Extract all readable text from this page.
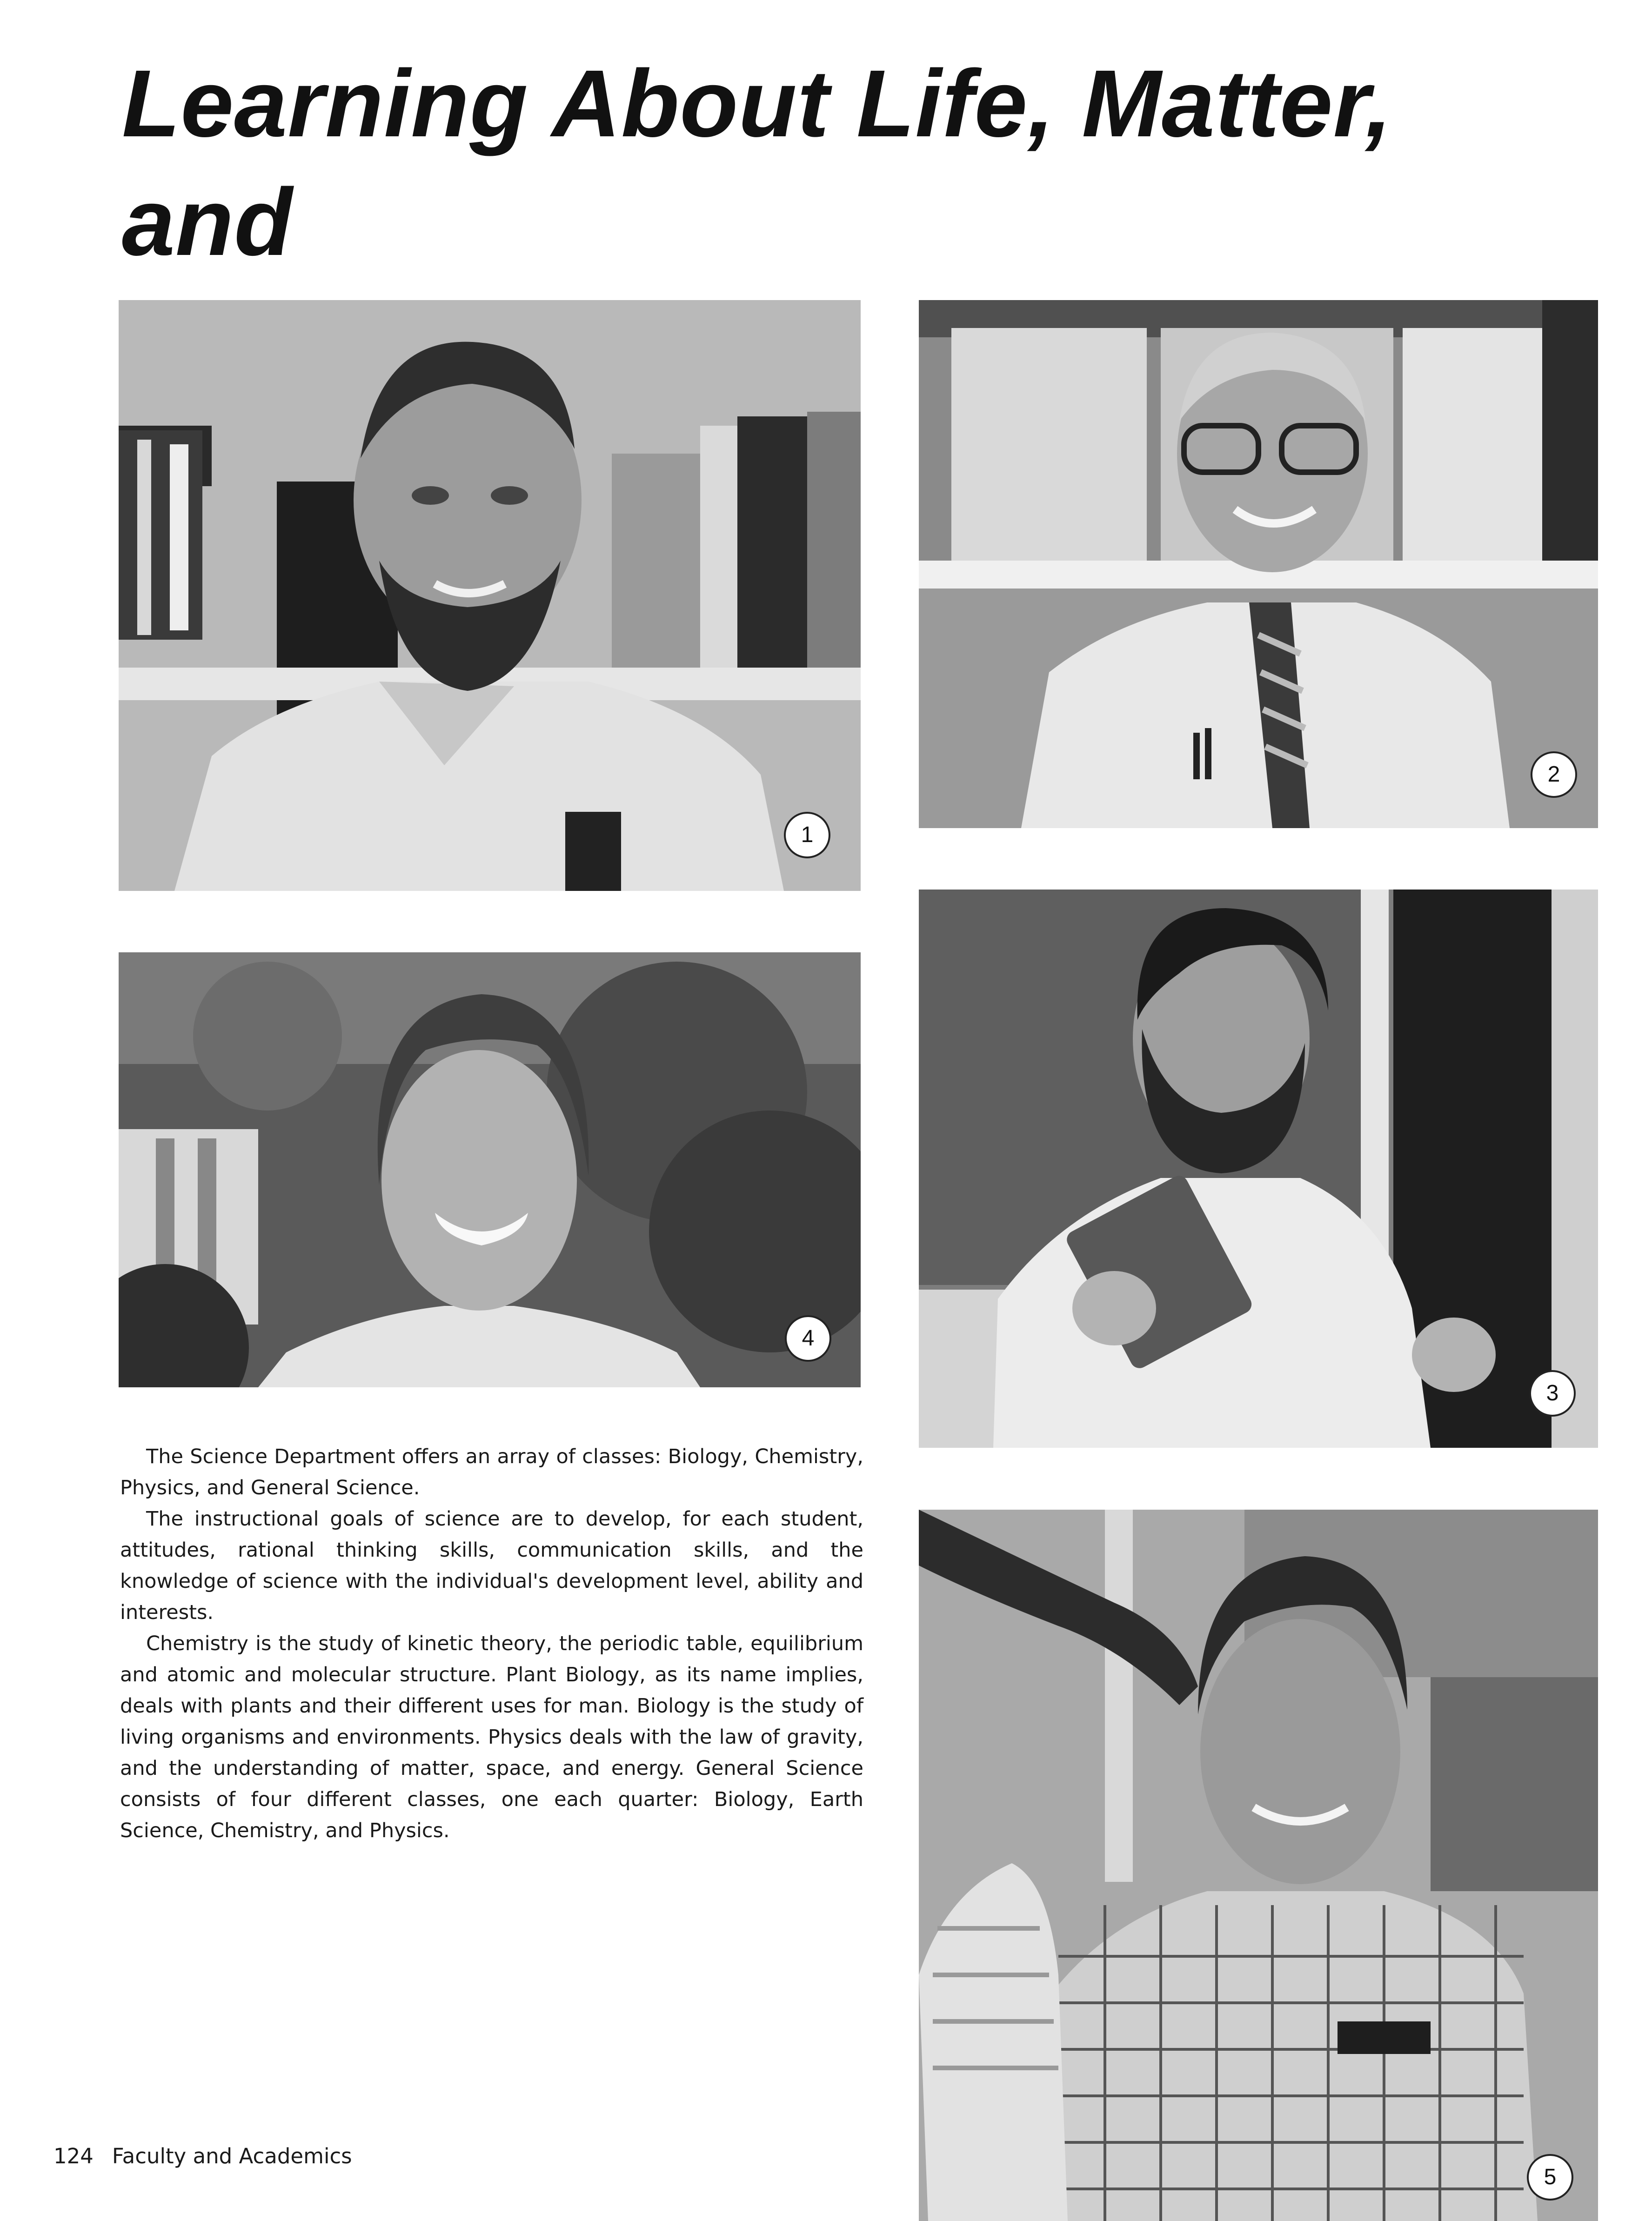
Learning About Life, Matter, and

1
2
3
4
5

The Science Department offers an array of classes: Biology, Chemistry, Physics, and General Science.

The instructional goals of science are to develop, for each student, attitudes, rational thinking skills, communication skills, and the knowledge of science with the individual's development level, ability and interests.

Chemistry is the study of kinetic theory, the periodic table, equilibrium and atomic and molecular structure. Plant Biology, as its name implies, deals with plants and their different uses for man. Biology is the study of living organisms and environments. Physics deals with the law of gravity, and the understanding of matter, space, and energy. General Science consists of four different classes, one each quarter: Biology, Earth Science, Chemistry, and Physics.

124 Faculty and Academics
